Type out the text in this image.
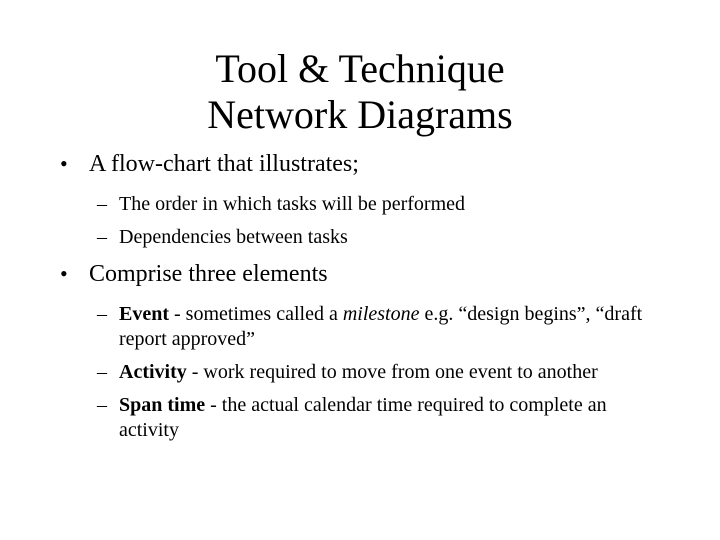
Tool & Technique
Network Diagrams
• A flow-chart that illustrates;
– The order in which tasks will be performed
– Dependencies between tasks
• Comprise three elements
– Event - sometimes called a milestone e.g. “design begins”, “draft report approved”
– Activity - work required to move from one event to another
– Span time - the actual calendar time required to complete an activity
